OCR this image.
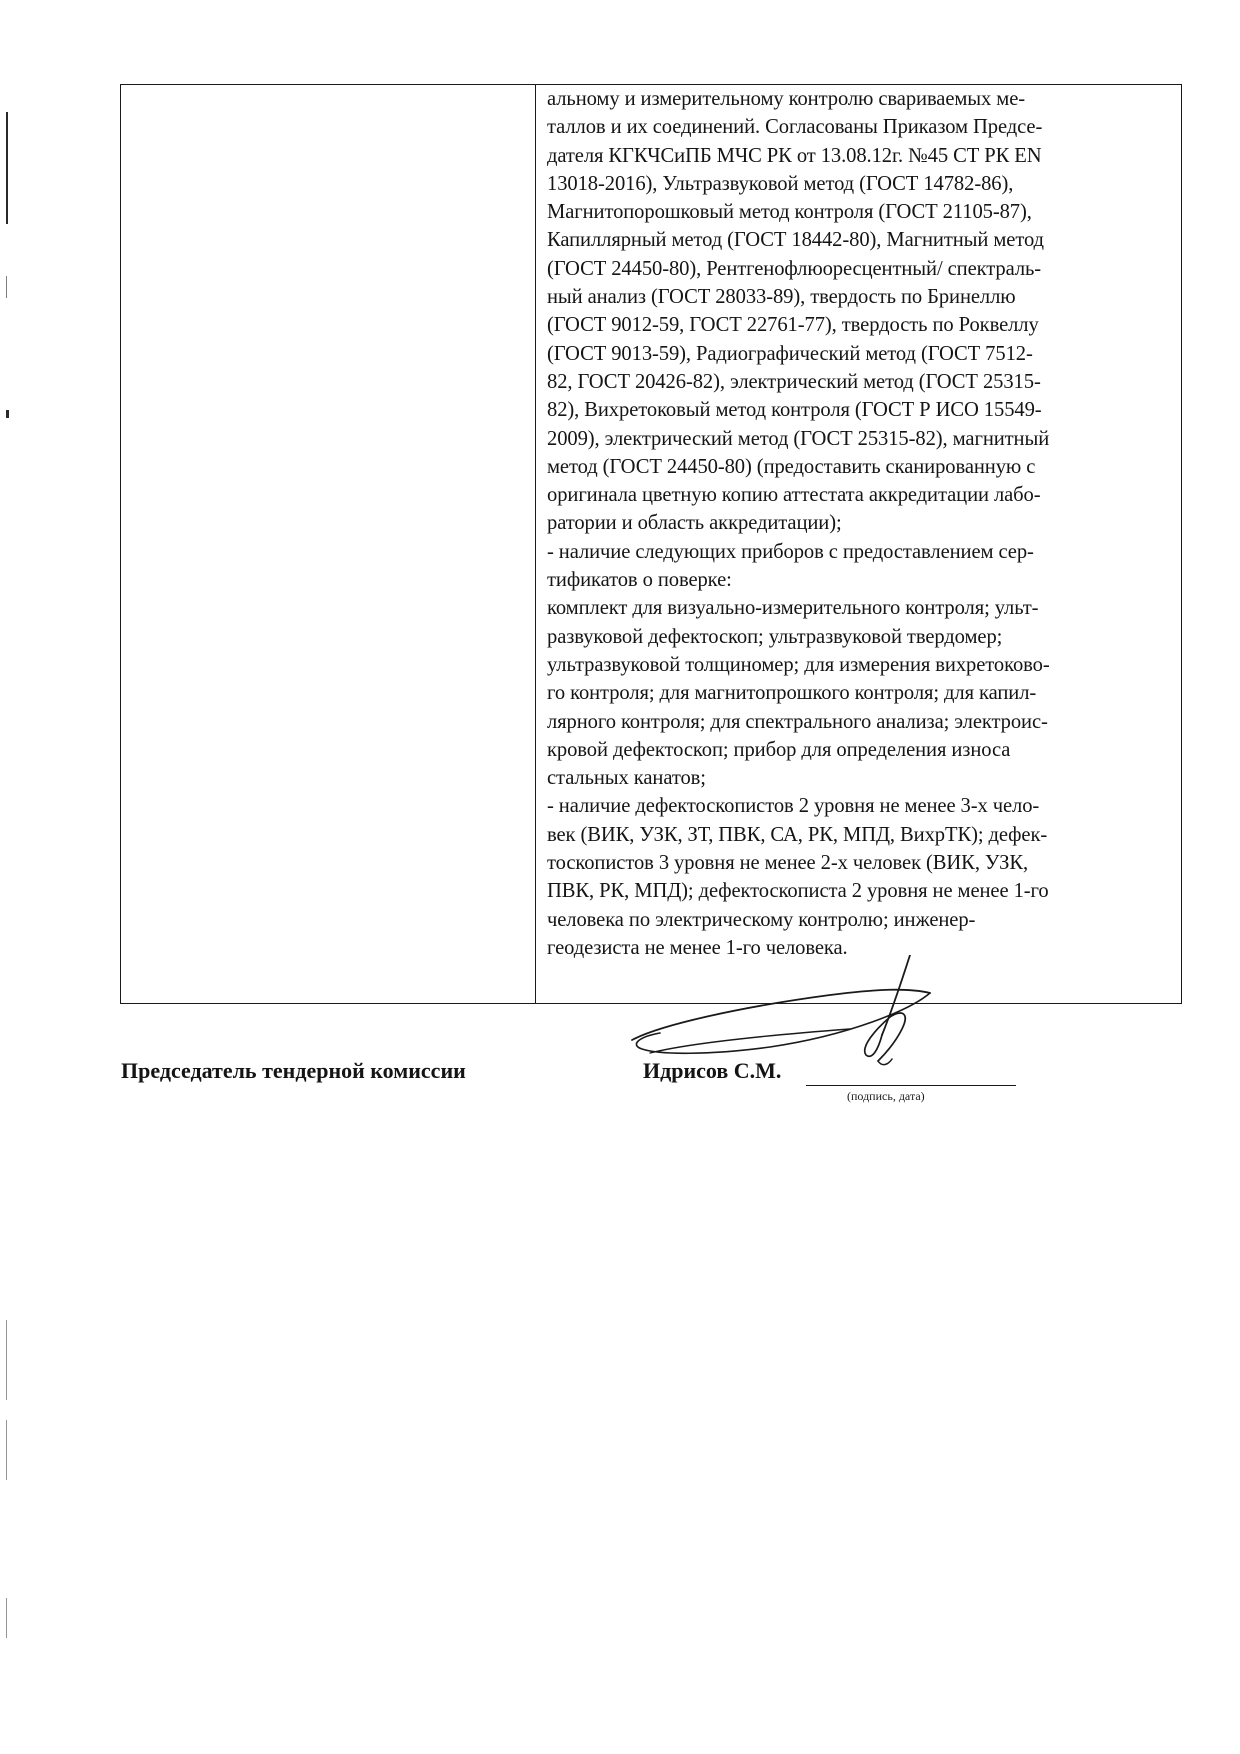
альному и измерительному контролю свариваемых ме-
таллов и их соединений. Согласованы Приказом Предсе-
дателя КГКЧСиПБ МЧС РК от 13.08.12г. №45 СТ РК EN
13018-2016), Ультразвуковой метод (ГОСТ 14782-86),
Магнитопорошковый метод контроля (ГОСТ 21105-87),
Капиллярный метод (ГОСТ 18442-80), Магнитный метод
(ГОСТ 24450-80), Рентгенофлюоресцентный/ спектраль-
ный анализ (ГОСТ 28033-89), твердость по Бринеллю
(ГОСТ 9012-59, ГОСТ 22761-77), твердость по Роквеллу
(ГОСТ 9013-59), Радиографический метод (ГОСТ 7512-
82, ГОСТ 20426-82), электрический метод (ГОСТ 25315-
82), Вихретоковый метод контроля (ГОСТ Р ИСО 15549-
2009), электрический метод (ГОСТ 25315-82), магнитный
метод (ГОСТ 24450-80) (предоставить сканированную с
оригинала цветную копию аттестата аккредитации лабо-
ратории и область аккредитации);
- наличие следующих приборов с предоставлением сер-
тификатов о поверке:
комплект для визуально-измерительного контроля; ульт-
развуковой дефектоскоп; ультразвуковой твердомер;
ультразвуковой толщиномер; для измерения вихретоково-
го контроля; для магнитопрошкого контроля; для капил-
лярного контроля; для спектрального анализа; электроис-
кровой дефектоскоп; прибор для определения износа
стальных канатов;
- наличие дефектоскопистов 2 уровня не менее 3-х чело-
век (ВИК, УЗК, ЗТ, ПВК, СА, РК, МПД, ВихрТК); дефек-
тоскопистов 3 уровня не менее 2-х человек (ВИК, УЗК,
ПВК, РК, МПД); дефектоскописта 2 уровня не менее 1-го
человека по электрическому контролю; инженер-
геодезиста не менее 1-го человека.

Председатель тендерной комиссии	Идрисов С.М.
(подпись, дата)
